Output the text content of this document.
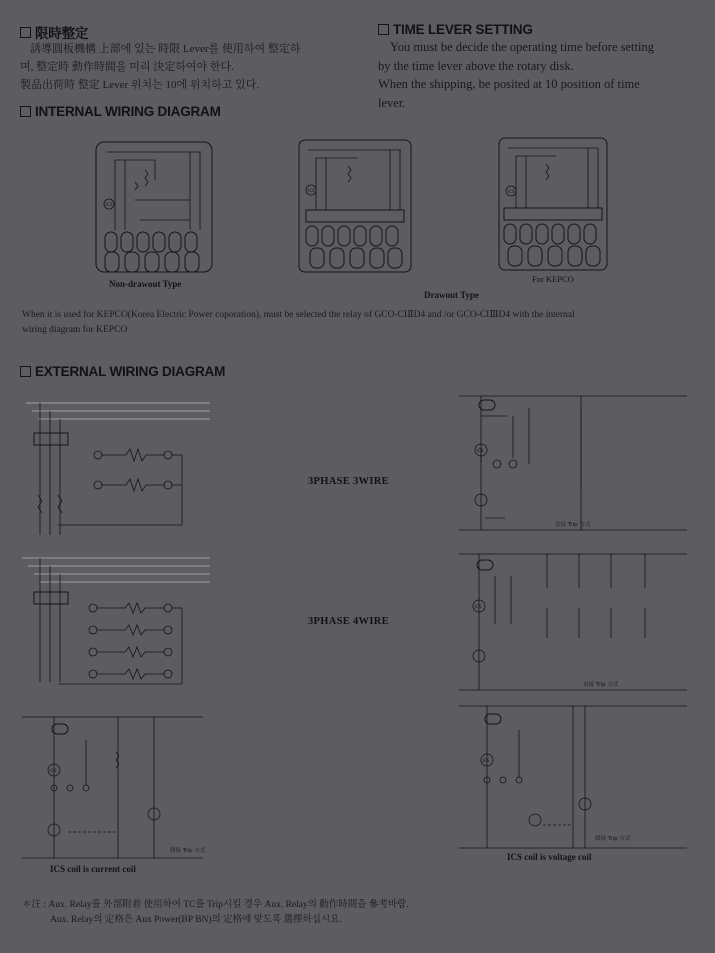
限時整定
誘導圓板機構 上部에 있는 時限 Lever를 使用하여 整定하
며, 整定時 動作時間을 미리 決定하여야 한다.
製品出荷時 整定 Lever 위치는 10에 위치하고 있다.
TIME LEVER SETTING
You must be decide the operating time before setting
by the time lever above the rotary disk.
When the shipping, be posited at 10 position of time
lever.
INTERNAL WIRING DIAGRAM
ICS
Non-drawout Type
ICS
Drawout Type
ICS
For KEPCO
When it is used for KEPCO(Korea Electric Power coporation), must be selected the relay of GCO-CIⅡD4 and /or GCO-CIⅢD4 with the internal
wiring diagram for KEPCO
EXTERNAL WIRING DIAGRAM
3PHASE 3WIRE
3PHASE 4WIRE
ICS
直接 Trip 方式
ICS
直接 Trip 方式
ICS
間接 Trip 方式
ICS coil is current coil
ICS
間接 Trip 方式
ICS coil is voltage coil
＊注 : Aux. Relay를 外部附着 使用하여 TC를 Trip시킬 경우 Aux. Relay의 動作時間을 參考바람.
Aux. Relay의 定格은 Aux Power(BP BN)의 定格에 맞도록 選擇하십시요.
